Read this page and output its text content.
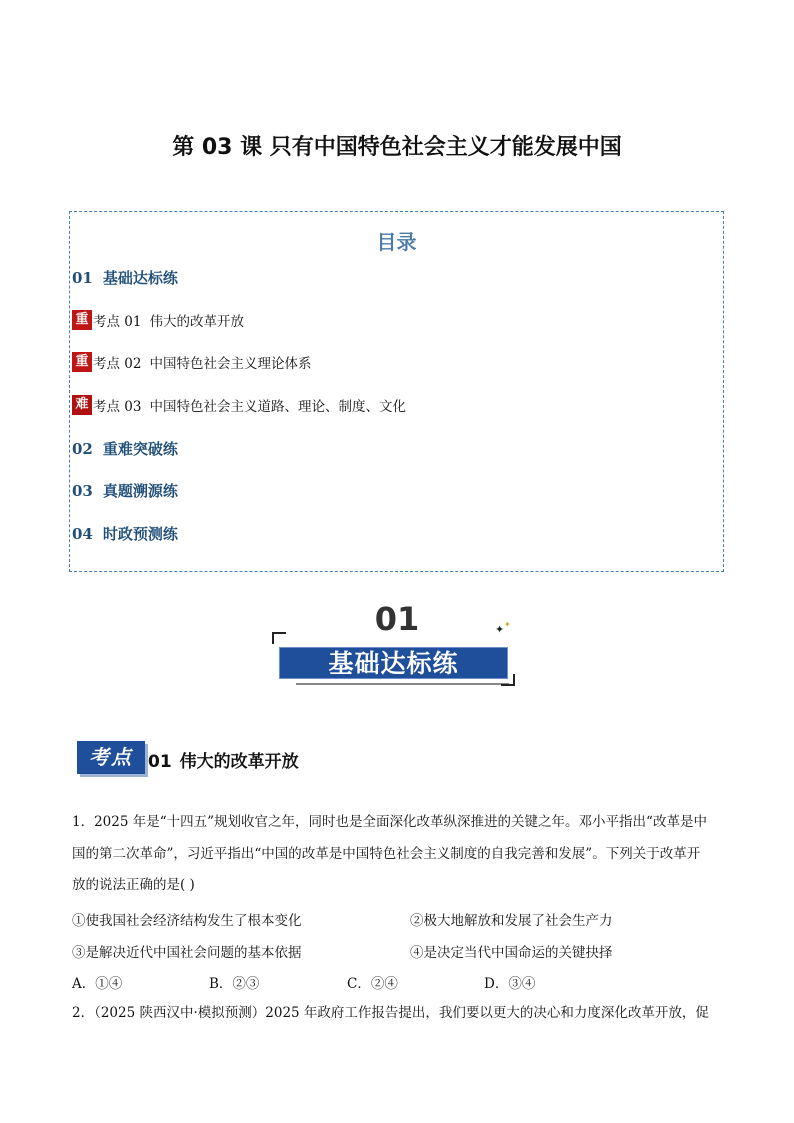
第 03 课 只有中国特色社会主义才能发展中国
目录
01 基础达标练
重 考点 01 伟大的改革开放
重 考点 02 中国特色社会主义理论体系
难 考点 03 中国特色社会主义道路、理论、制度、文化
02 重难突破练
03 真题溯源练
04 时政预测练
01	✦ ✦
基础达标练
考点 01 伟大的改革开放
1．2025 年是“十四五”规划收官之年，同时也是全面深化改革纵深推进的关键之年。邓小平指出“改革是中
国的第二次革命”，习近平指出“中国的改革是中国特色社会主义制度的自我完善和发展”。下列关于改革开
放的说法正确的是( )
①使我国社会经济结构发生了根本变化	②极大地解放和发展了社会生产力
③是解决近代中国社会问题的基本依据	④是决定当代中国命运的关键抉择
A．①④	B．②③	C．②④	D．③④
2．（2025 陕西汉中·模拟预测）2025 年政府工作报告提出，我们要以更大的决心和力度深化改革开放，促
